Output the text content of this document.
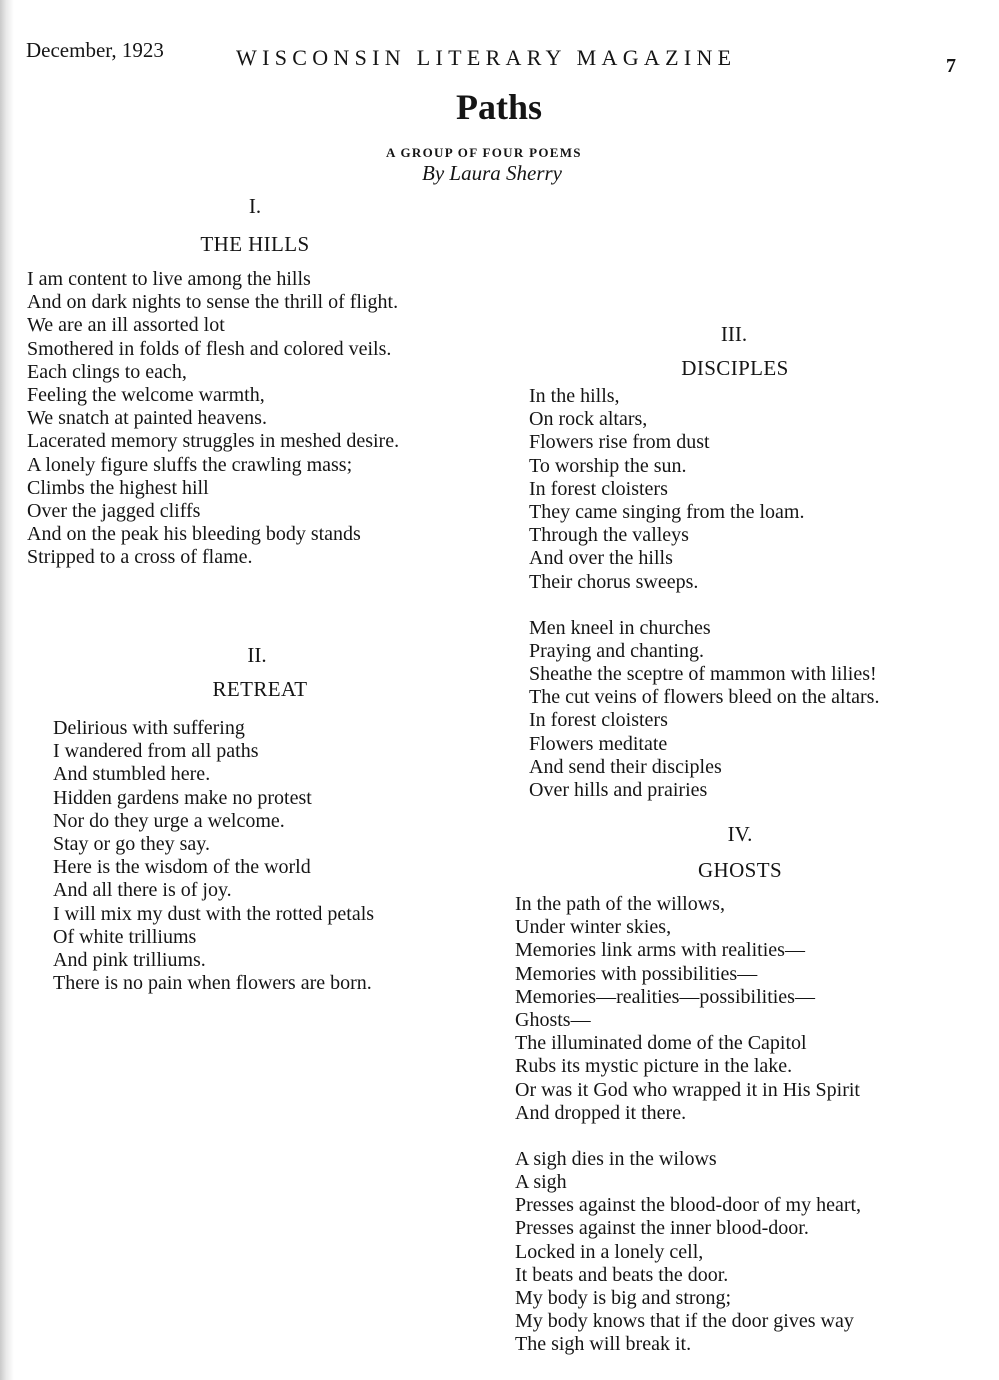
December, 1923	WISCONSIN LITERARY MAGAZINE	7
Paths
A GROUP OF FOUR POEMS
By Laura Sherry
I.
THE HILLS
I am content to live among the hills
And on dark nights to sense the thrill of flight.
We are an ill assorted lot
Smothered in folds of flesh and colored veils.
Each clings to each,
Feeling the welcome warmth,
We snatch at painted heavens.
Lacerated memory struggles in meshed desire.
A lonely figure sluffs the crawling mass;
Climbs the highest hill
Over the jagged cliffs
And on the peak his bleeding body stands
Stripped to a cross of flame.
II.
RETREAT
Delirious with suffering
I wandered from all paths
And stumbled here.
Hidden gardens make no protest
Nor do they urge a welcome.
Stay or go they say.
Here is the wisdom of the world
And all there is of joy.
I will mix my dust with the rotted petals
Of white trilliums
And pink trilliums.
There is no pain when flowers are born.
III.
DISCIPLES
In the hills,
On rock altars,
Flowers rise from dust
To worship the sun.
In forest cloisters
They came singing from the loam.
Through the valleys
And over the hills
Their chorus sweeps.
Men kneel in churches
Praying and chanting.
Sheathe the sceptre of mammon with lilies!
The cut veins of flowers bleed on the altars.
In forest cloisters
Flowers meditate
And send their disciples
Over hills and prairies
IV.
GHOSTS
In the path of the willows,
Under winter skies,
Memories link arms with realities—
Memories with possibilities—
Memories—realities—possibilities—
Ghosts—
The illuminated dome of the Capitol
Rubs its mystic picture in the lake.
Or was it God who wrapped it in His Spirit
And dropped it there.
A sigh dies in the wilows
A sigh
Presses against the blood-door of my heart,
Presses against the inner blood-door.
Locked in a lonely cell,
It beats and beats the door.
My body is big and strong;
My body knows that if the door gives way
The sigh will break it.
